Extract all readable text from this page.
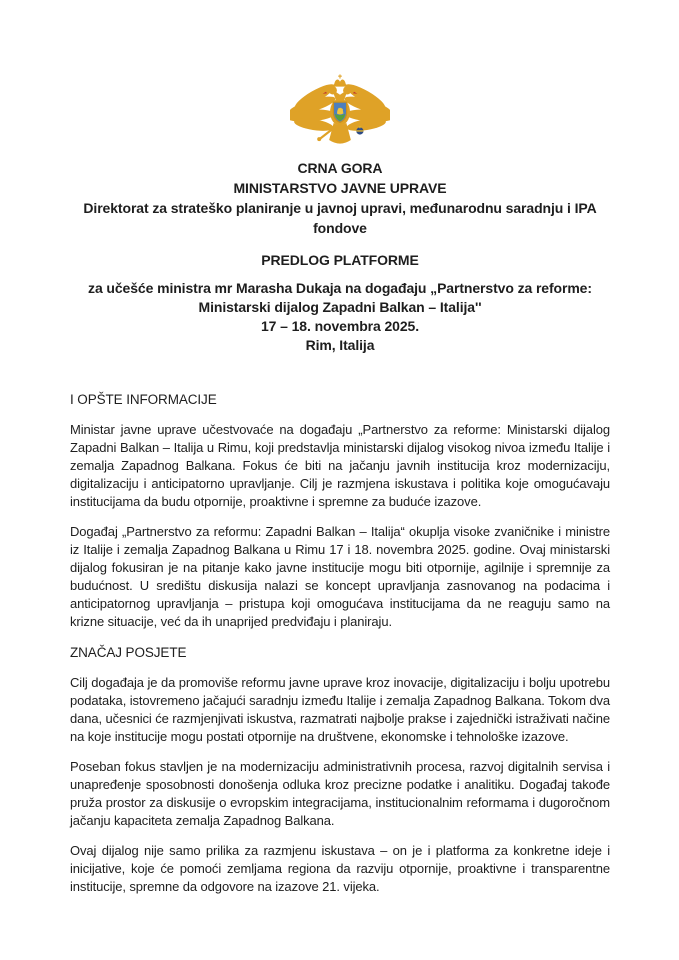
CRNA GORA
MINISTARSTVO JAVNE UPRAVE
Direktorat za strateško planiranje u javnoj upravi, međunarodnu saradnju i IPA fondove
PREDLOG PLATFORME
za učešće ministra mr Marasha Dukaja na događaju „Partnerstvo za reforme: Ministarski dijalog Zapadni Balkan – Italija''
17 – 18. novembra 2025.
Rim, Italija
I OPŠTE INFORMACIJE

Ministar javne uprave učestvovaće na događaju „Partnerstvo za reforme: Ministarski dijalog Zapadni Balkan – Italija u Rimu, koji predstavlja ministarski dijalog visokog nivoa između Italije i zemalja Zapadnog Balkana. Fokus će biti na jačanju javnih institucija kroz modernizaciju, digitalizaciju i anticipatorno upravljanje. Cilj je razmjena iskustava i politika koje omogućavaju institucijama da budu otpornije, proaktivne i spremne za buduće izazove.

Događaj „Partnerstvo za reformu: Zapadni Balkan – Italija“ okuplja visoke zvaničnike i ministre iz Italije i zemalja Zapadnog Balkana u Rimu 17 i 18. novembra 2025. godine. Ovaj ministarski dijalog fokusiran je na pitanje kako javne institucije mogu biti otpornije, agilnije i spremnije za budućnost. U središtu diskusija nalazi se koncept upravljanja zasnovanog na podacima i anticipatornog upravljanja – pristupa koji omogućava institucijama da ne reaguju samo na krizne situacije, već da ih unaprijed predviđaju i planiraju.

ZNAČAJ POSJETE

Cilj događaja je da promoviše reformu javne uprave kroz inovacije, digitalizaciju i bolju upotrebu podataka, istovremeno jačajući saradnju između Italije i zemalja Zapadnog Balkana. Tokom dva dana, učesnici će razmjenjivati iskustva, razmatrati najbolje prakse i zajednički istraživati načine na koje institucije mogu postati otpornije na društvene, ekonomske i tehnološke izazove.

Poseban fokus stavljen je na modernizaciju administrativnih procesa, razvoj digitalnih servisa i unapređenje sposobnosti donošenja odluka kroz precizne podatke i analitiku. Događaj takođe pruža prostor za diskusije o evropskim integracijama, institucionalnim reformama i dugoročnom jačanju kapaciteta zemalja Zapadnog Balkana.

Ovaj dijalog nije samo prilika za razmjenu iskustava – on je i platforma za konkretne ideje i inicijative, koje će pomoći zemljama regiona da razviju otpornije, proaktivne i transparentne institucije, spremne da odgovore na izazove 21. vijeka.
